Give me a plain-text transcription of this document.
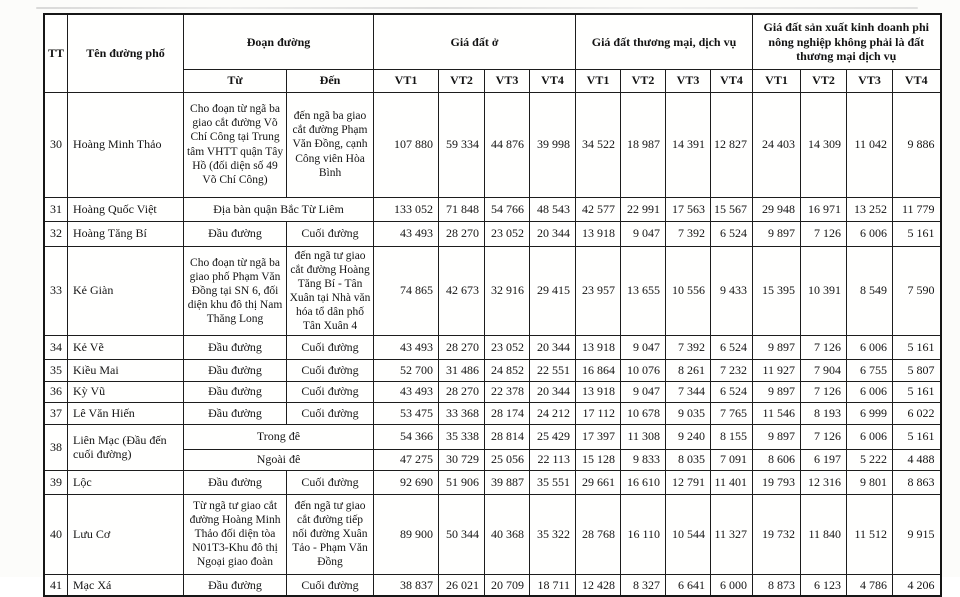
TT	Tên đường phố	Đoạn đường		Giá đất ở				Giá đất thương mại, dịch vụ				Giá đất sản xuất kinh doanh phi nông nghiệp không phải là đất thương mại dịch vụ			
		Từ	Đến	VT1	VT2	VT3	VT4	VT1	VT2	VT3	VT4	VT1	VT2	VT3	VT4
30	Hoàng Minh Thảo	Cho đoạn từ ngã ba giao cắt đường Võ Chí Công tại Trung tâm VHTT quận Tây Hồ (đối diện số 49 Võ Chí Công)	đến ngã ba giao cắt đường Phạm Văn Đồng, cạnh Công viên Hòa Bình	107 880	59 334	44 876	39 998	34 522	18 987	14 391	12 827	24 403	14 309	11 042	9 886
31	Hoàng Quốc Việt	Địa bàn quận Bắc Từ Liêm		133 052	71 848	54 766	48 543	42 577	22 991	17 563	15 567	29 948	16 971	13 252	11 779
32	Hoàng Tăng Bí	Đầu đường	Cuối đường	43 493	28 270	23 052	20 344	13 918	9 047	7 392	6 524	9 897	7 126	6 006	5 161
33	Kẻ Giàn	Cho đoạn từ ngã ba giao phố Phạm Văn Đồng tại SN 6, đối diện khu đô thị Nam Thăng Long	đến ngã tư giao cắt đường Hoàng Tăng Bí - Tân Xuân tại Nhà văn hóa tổ dân phố Tân Xuân 4	74 865	42 673	32 916	29 415	23 957	13 655	10 556	9 433	15 395	10 391	8 549	7 590
34	Kẻ Vẽ	Đầu đường	Cuối đường	43 493	28 270	23 052	20 344	13 918	9 047	7 392	6 524	9 897	7 126	6 006	5 161
35	Kiều Mai	Đầu đường	Cuối đường	52 700	31 486	24 852	22 551	16 864	10 076	8 261	7 232	11 927	7 904	6 755	5 807
36	Kỳ Vũ	Đầu đường	Cuối đường	43 493	28 270	22 378	20 344	13 918	9 047	7 344	6 524	9 897	7 126	6 006	5 161
37	Lê Văn Hiến	Đầu đường	Cuối đường	53 475	33 368	28 174	24 212	17 112	10 678	9 035	7 765	11 546	8 193	6 999	6 022
38	Liên Mạc (Đầu đến cuối đường)	Trong đê		54 366	35 338	28 814	25 429	17 397	11 308	9 240	8 155	9 897	7 126	6 006	5 161
		Ngoài đê		47 275	30 729	25 056	22 113	15 128	9 833	8 035	7 091	8 606	6 197	5 222	4 488
39	Lộc	Đầu đường	Cuối đường	92 690	51 906	39 887	35 551	29 661	16 610	12 791	11 401	19 793	12 316	9 801	8 863
40	Lưu Cơ	Từ ngã tư giao cắt đường Hoàng Minh Thảo đối diện tòa N01T3-Khu đô thị Ngoại giao đoàn	đến ngã tư giao cắt đường tiếp nối đường Xuân Tảo - Phạm Văn Đồng	89 900	50 344	40 368	35 322	28 768	16 110	10 544	11 327	19 732	11 840	11 512	9 915
41	Mạc Xá	Đầu đường	Cuối đường	38 837	26 021	20 709	18 711	12 428	8 327	6 641	6 000	8 873	6 123	4 786	4 206
